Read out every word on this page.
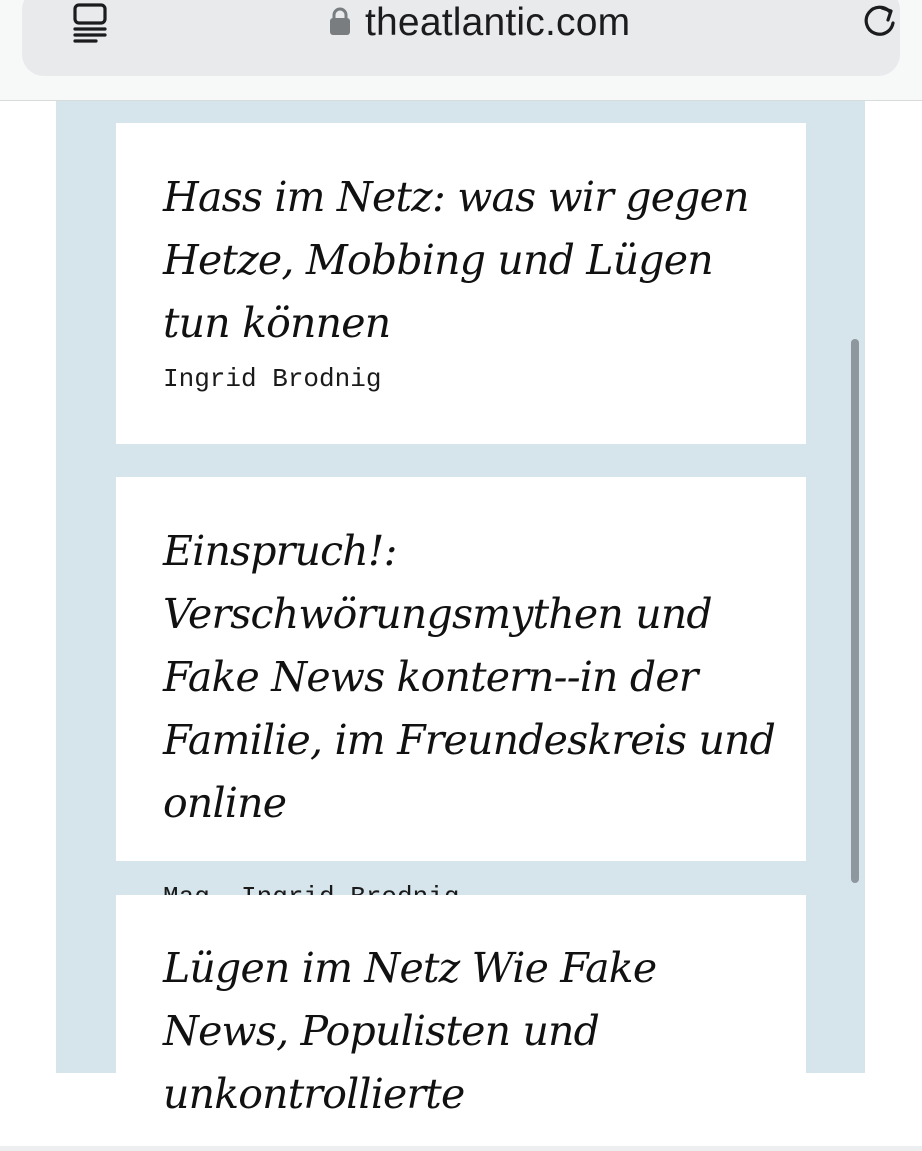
theatlantic.com
Hass im Netz: was wir gegen Hetze, Mobbing und Lügen tun können
Ingrid Brodnig
Einspruch!: Verschwörungsmythen und Fake News kontern--in der Familie, im Freundeskreis und online
Lügen im Netz Wie Fake News, Populisten und unkontrollierte
